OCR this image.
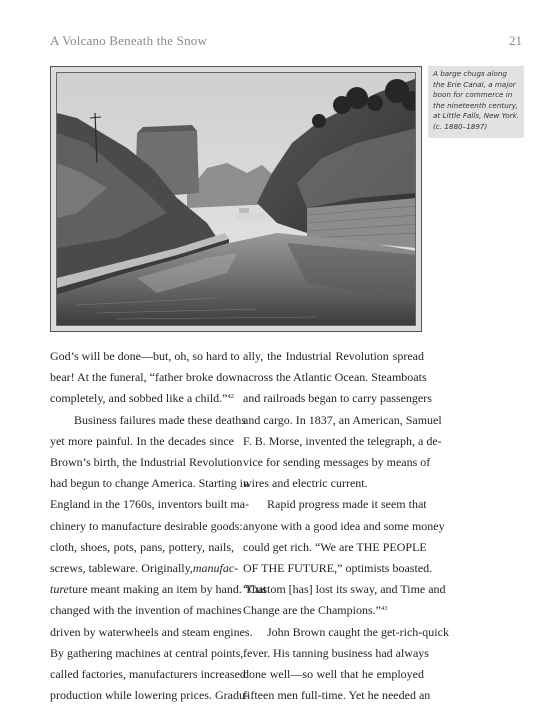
A Volcano Beneath the Snow	21
A barge chugs along
the Erie Canal, a major
boon for commerce in
the nineteenth century,
at Little Falls, New York.
(c. 1880–1897)
God’s will be done—but, oh, so hard to
bear! At the funeral, “father broke down
completely, and sobbed like a child.”$^{42}$
Business failures made these deaths
yet more painful. In the decades since
Brown’s birth, the Industrial Revolution
had begun to change America. Starting in
England in the 1760s, inventors built ma-
chinery to manufacture desirable goods:
cloth, shoes, pots, pans, pottery, nails,
screws, tableware. Originally, manufac-
ture ture meant making an item by hand. That
changed with the invention of machines
driven by waterwheels and steam engines.
By gathering machines at central points,
called factories, manufacturers increased
production while lowering prices. Gradu-
ally, the Industrial Revolution spread
across the Atlantic Ocean. Steamboats
and railroads began to carry passengers
and cargo. In 1837, an American, Samuel
F. B. Morse, invented the telegraph, a de-
vice for sending messages by means of
wires and electric current.
Rapid progress made it seem that
anyone with a good idea and some money
could get rich. “We are THE PEOPLE
OF THE FUTURE,” optimists boasted.
“Custom [has] lost its sway, and Time and
Change are the Champions.”$^{43}$
John Brown caught the get-rich-quick
fever. His tanning business had always
done well—so well that he employed
fifteen men full-time. Yet he needed an
